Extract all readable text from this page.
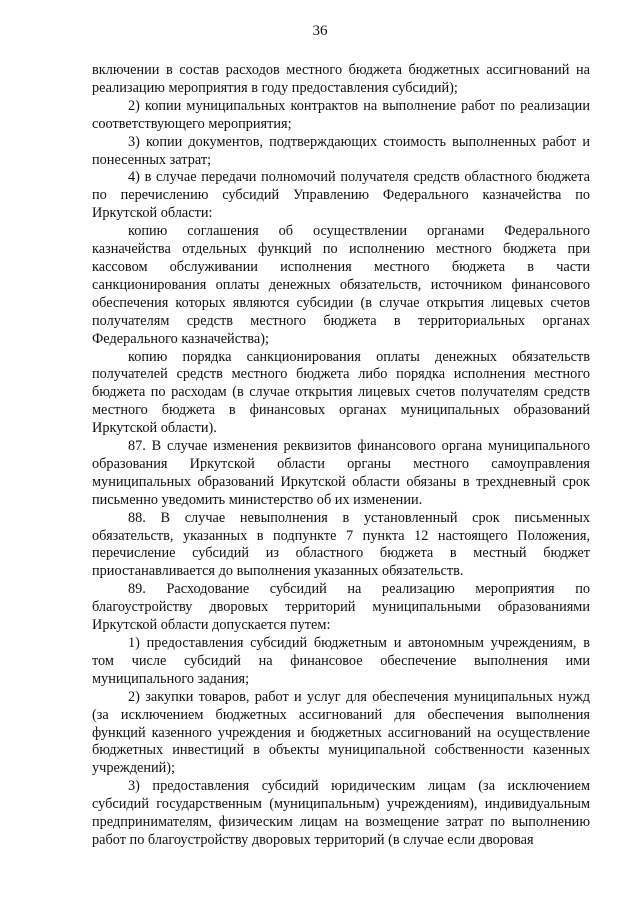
36

включении в состав расходов местного бюджета бюджетных ассигнований на реализацию мероприятия в году предоставления субсидий);

2) копии муниципальных контрактов на выполнение работ по реализации соответствующего мероприятия;

3) копии документов, подтверждающих стоимость выполненных работ и понесенных затрат;

4) в случае передачи полномочий получателя средств областного бюджета по перечислению субсидий Управлению Федерального казначейства по Иркутской области:

копию соглашения об осуществлении органами Федерального казначейства отдельных функций по исполнению местного бюджета при кассовом обслуживании исполнения местного бюджета в части санкционирования оплаты денежных обязательств, источником финансового обеспечения которых являются субсидии (в случае открытия лицевых счетов получателям средств местного бюджета в территориальных органах Федерального казначейства);

копию порядка санкционирования оплаты денежных обязательств получателей средств местного бюджета либо порядка исполнения местного бюджета по расходам (в случае открытия лицевых счетов получателям средств местного бюджета в финансовых органах муниципальных образований Иркутской области).

87. В случае изменения реквизитов финансового органа муниципального образования Иркутской области органы местного самоуправления муниципальных образований Иркутской области обязаны в трехдневный срок письменно уведомить министерство об их изменении.

88. В случае невыполнения в установленный срок письменных обязательств, указанных в подпункте 7 пункта 12 настоящего Положения, перечисление субсидий из областного бюджета в местный бюджет приостанавливается до выполнения указанных обязательств.

89. Расходование субсидий на реализацию мероприятия по благоустройству дворовых территорий муниципальными образованиями Иркутской области допускается путем:

1) предоставления субсидий бюджетным и автономным учреждениям, в том числе субсидий на финансовое обеспечение выполнения ими муниципального задания;

2) закупки товаров, работ и услуг для обеспечения муниципальных нужд (за исключением бюджетных ассигнований для обеспечения выполнения функций казенного учреждения и бюджетных ассигнований на осуществление бюджетных инвестиций в объекты муниципальной собственности казенных учреждений);

3) предоставления субсидий юридическим лицам (за исключением субсидий государственным (муниципальным) учреждениям), индивидуальным предпринимателям, физическим лицам на возмещение затрат по выполнению работ по благоустройству дворовых территорий (в случае если дворовая
